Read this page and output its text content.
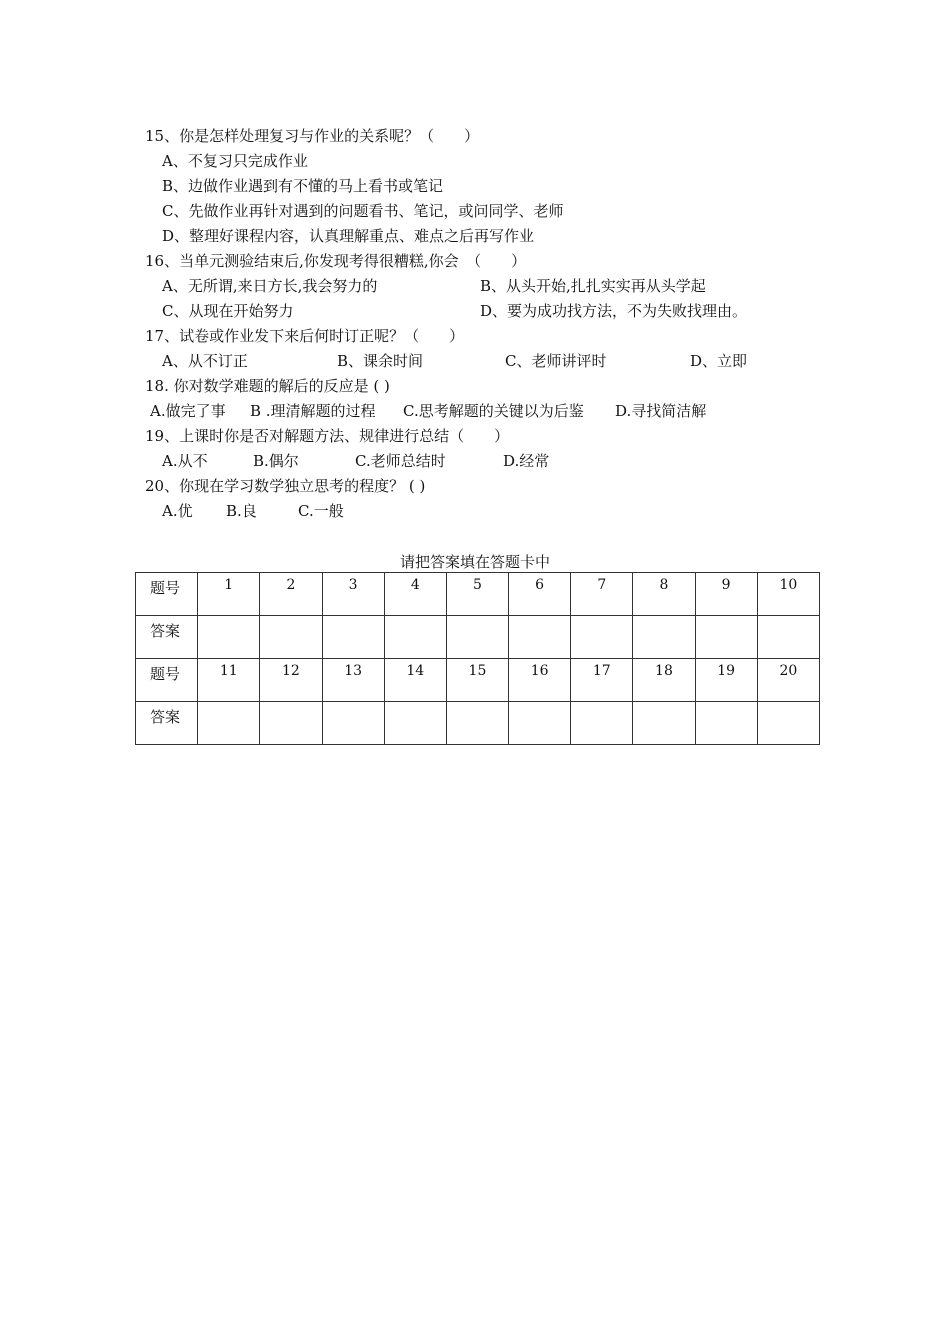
15、你是怎样处理复习与作业的关系呢？（　　）
A、不复习只完成作业
B、边做作业遇到有不懂的马上看书或笔记
C、先做作业再针对遇到的问题看书、笔记，或问同学、老师
D、整理好课程内容，认真理解重点、难点之后再写作业
16、当单元测验结束后,你发现考得很糟糕,你会　（　　）
A、无所谓,来日方长,我会努力的	B、从头开始,扎扎实实再从头学起
C、从现在开始努力	D、要为成功找方法，不为失败找理由。
17、试卷或作业发下来后何时订正呢？（　　）
A、从不订正	B、课余时间	C、老师讲评时	D、立即
18. 你对数学难题的解后的反应是 ( )
A.做完了事 B .理清解题的过程 C.思考解题的关键以为后鉴 D.寻找简洁解
19、上课时你是否对解题方法、规律进行总结（　　）
A.从不	B.偶尔	C.老师总结时	D.经常
20、你现在学习数学独立思考的程度？ ( )
A.优 B.良	C.一般
请把答案填在答题卡中
题号	1	2	3	4	5	6	7	8	9	10
答案										
题号	11	12	13	14	15	16	17	18	19	20
答案										
